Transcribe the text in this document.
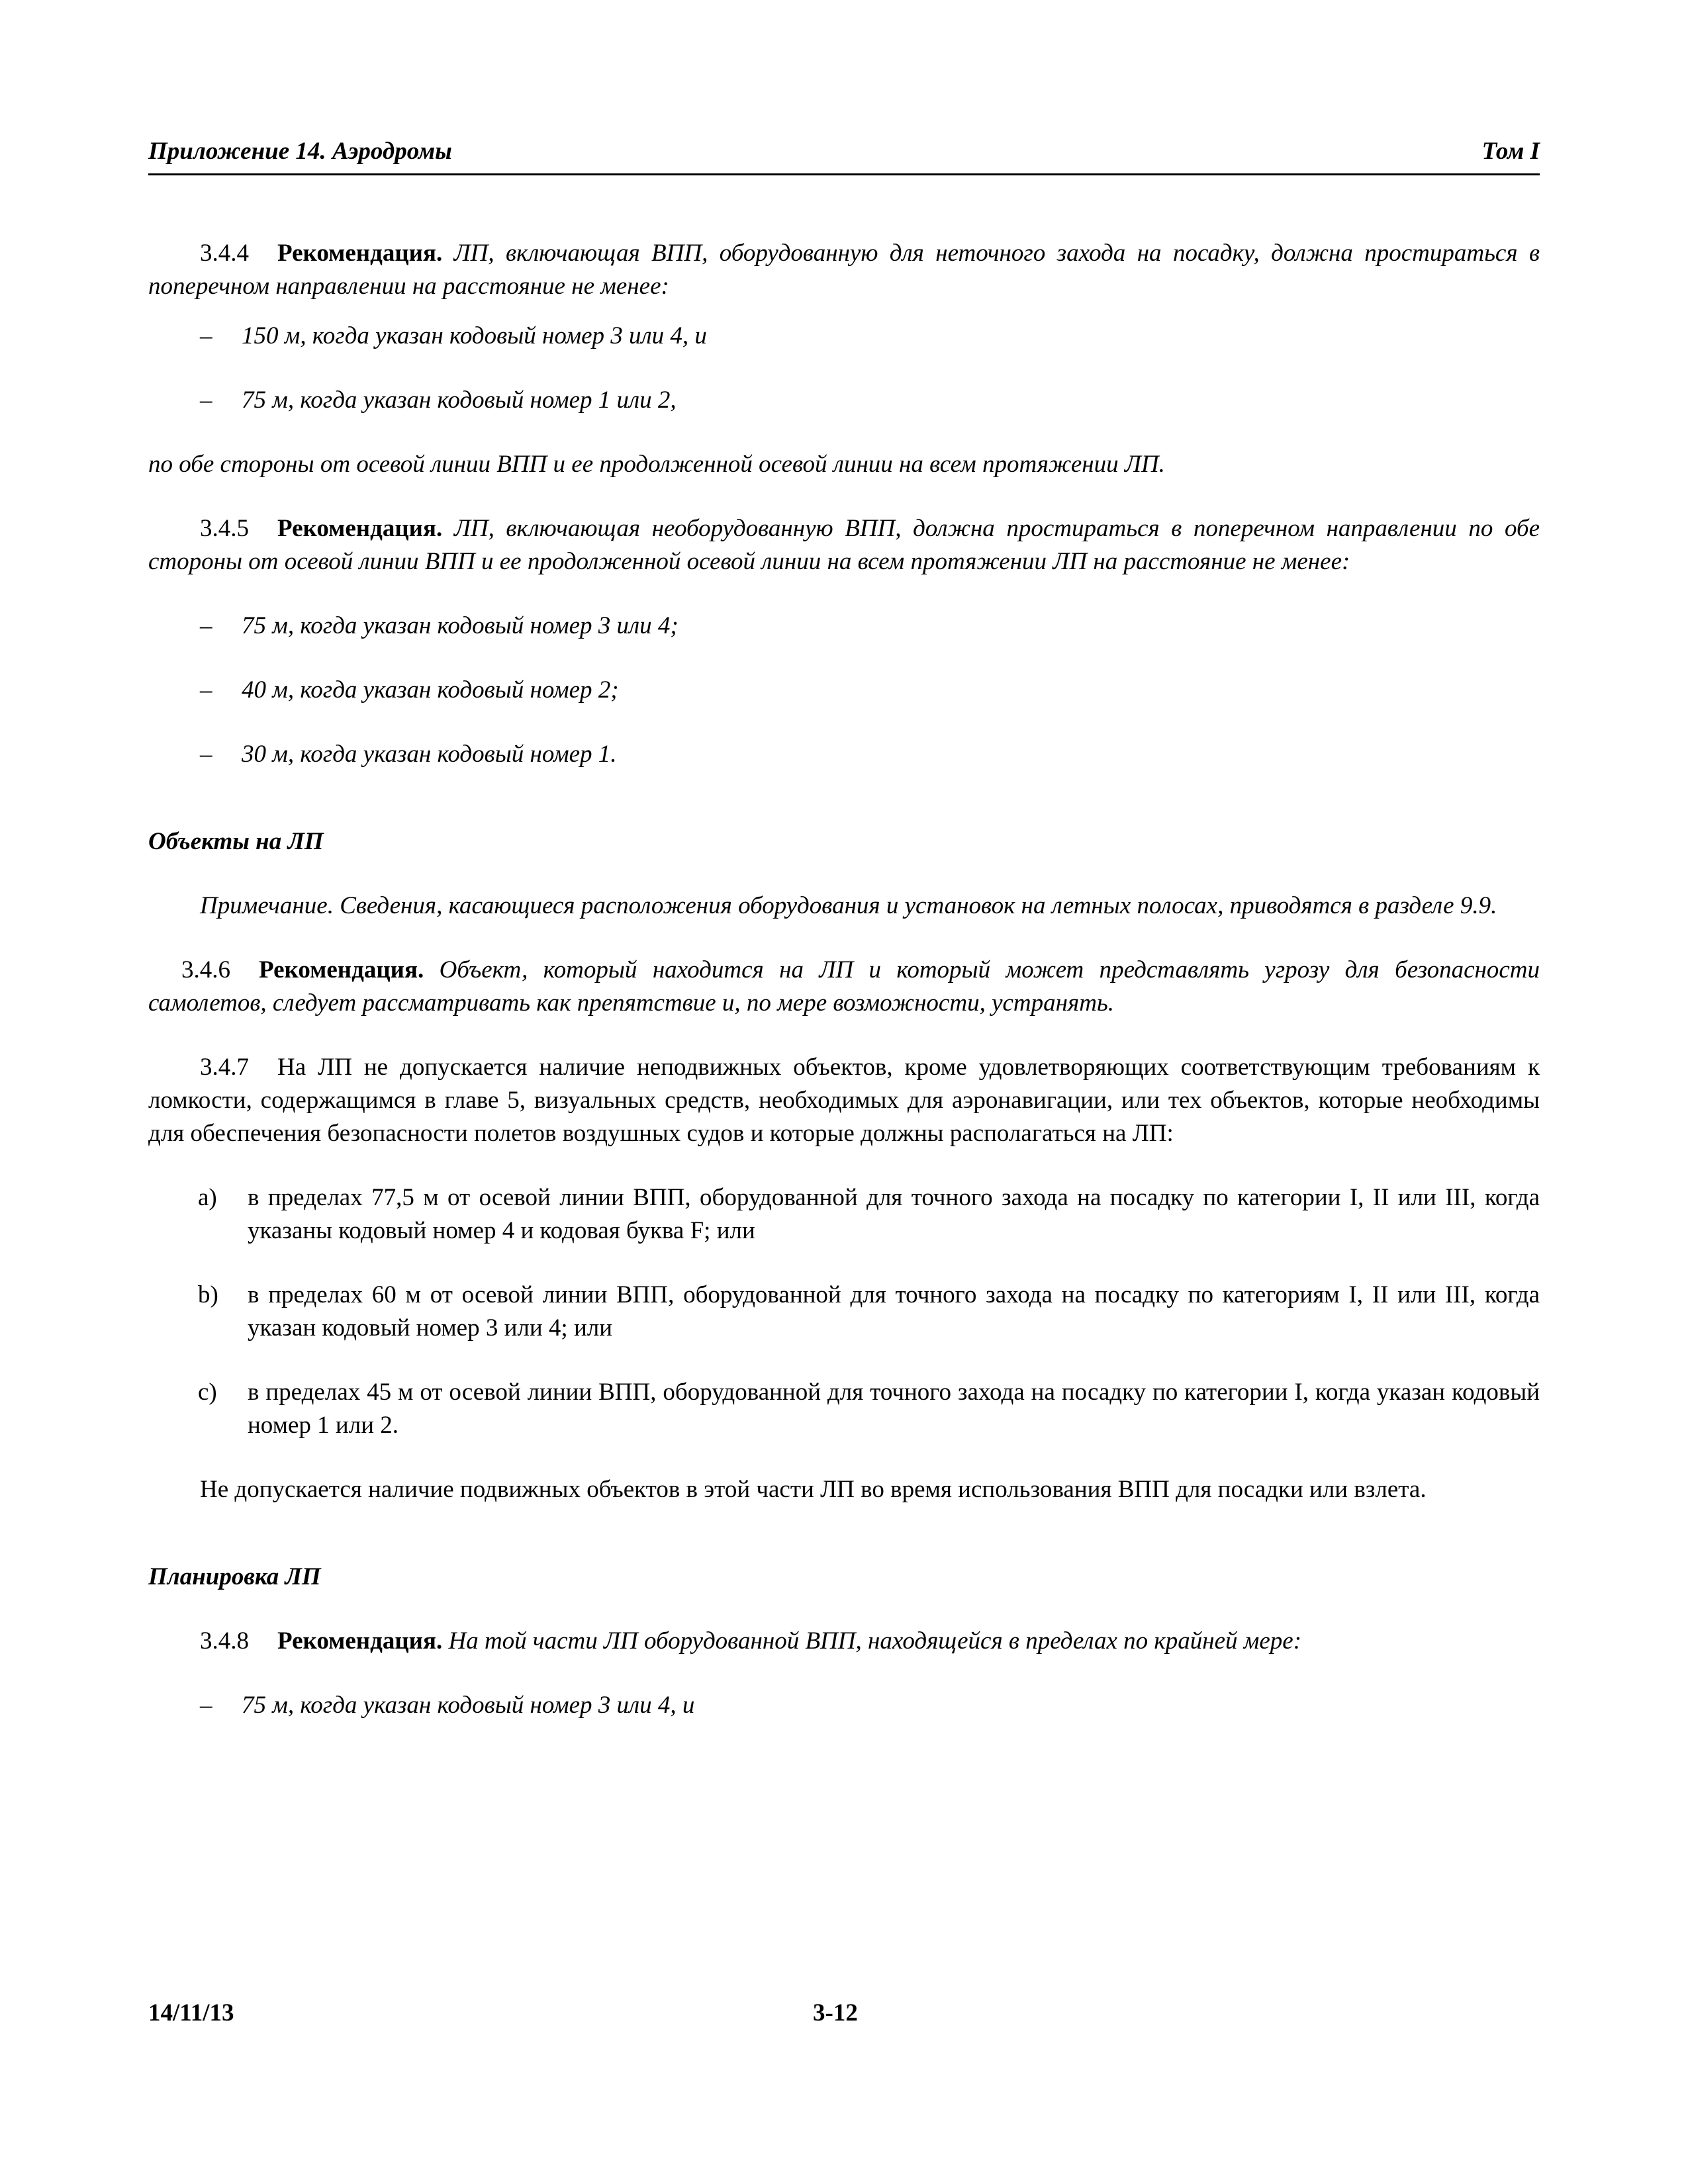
Приложение 14. Аэродромы	Том I

3.4.4 Рекомендация. ЛП, включающая ВПП, оборудованную для неточного захода на посадку, должна простираться в поперечном направлении на расстояние не менее:

– 150 м, когда указан кодовый номер 3 или 4, и

– 75 м, когда указан кодовый номер 1 или 2,

по обе стороны от осевой линии ВПП и ее продолженной осевой линии на всем протяжении ЛП.

3.4.5 Рекомендация. ЛП, включающая необорудованную ВПП, должна простираться в поперечном направлении по обе стороны от осевой линии ВПП и ее продолженной осевой линии на всем протяжении ЛП на расстояние не менее:

– 75 м, когда указан кодовый номер 3 или 4;

– 40 м, когда указан кодовый номер 2;

– 30 м, когда указан кодовый номер 1.

Объекты на ЛП

Примечание. Сведения, касающиеся расположения оборудования и установок на летных полосах, приводятся в разделе 9.9.

3.4.6 Рекомендация. Объект, который находится на ЛП и который может представлять угрозу для безопасности самолетов, следует рассматривать как препятствие и, по мере возможности, устранять.

3.4.7 На ЛП не допускается наличие неподвижных объектов, кроме удовлетворяющих соответствующим требованиям к ломкости, содержащимся в главе 5, визуальных средств, необходимых для аэронавигации, или тех объектов, которые необходимы для обеспечения безопасности полетов воздушных судов и которые должны располагаться на ЛП:

a) в пределах 77,5 м от осевой линии ВПП, оборудованной для точного захода на посадку по категории I, II или III, когда указаны кодовый номер 4 и кодовая буква F; или

b) в пределах 60 м от осевой линии ВПП, оборудованной для точного захода на посадку по категориям I, II или III, когда указан кодовый номер 3 или 4; или

c) в пределах 45 м от осевой линии ВПП, оборудованной для точного захода на посадку по категории I, когда указан кодовый номер 1 или 2.

Не допускается наличие подвижных объектов в этой части ЛП во время использования ВПП для посадки или взлета.

Планировка ЛП

3.4.8 Рекомендация. На той части ЛП оборудованной ВПП, находящейся в пределах по крайней мере:

– 75 м, когда указан кодовый номер 3 или 4, и

14/11/13	3-12
